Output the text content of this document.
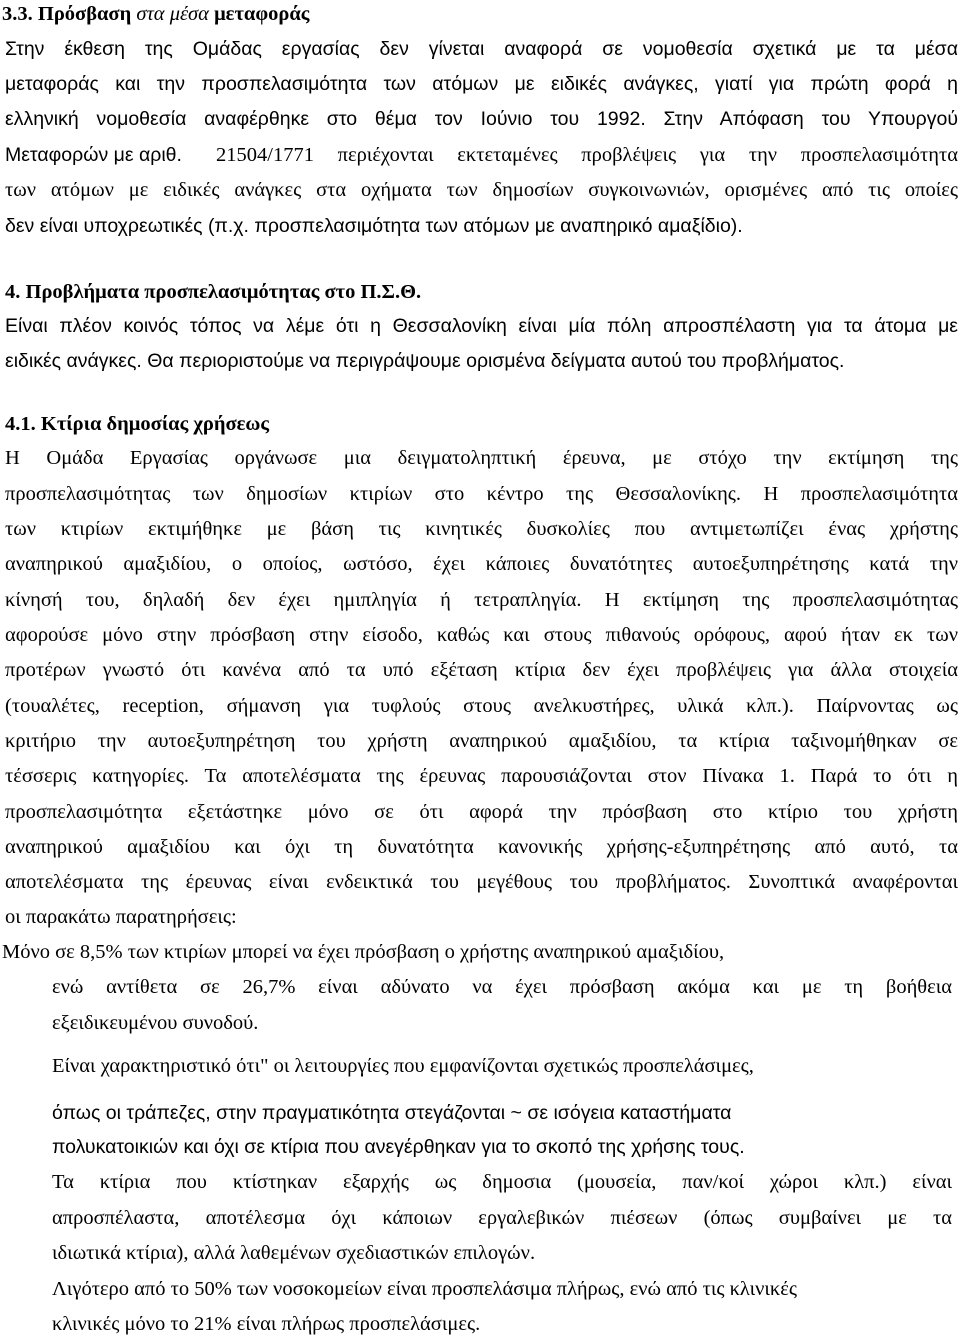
3.3. Πρόσβαση στα μέσα μεταφοράς

Στην έκθεση της Ομάδας εργασίας δεν γίνεται αναφορά σε νομοθεσία σχετικά με τα μέσα

μεταφοράς και την προσπελασιμότητα των ατόμων με ειδικές ανάγκες, γιατί για πρώτη φορά η

ελληνική νομοθεσία αναφέρθηκε στο θέμα τον Ιούνιο του 1992. Στην Απόφαση του Υπουργού

Μεταφορών με αριθ. 21504/1771 περιέχονται εκτεταμένες προβλέψεις για την προσπελασιμότητα

των ατόμων με ειδικές ανάγκες στα οχήματα των δημοσίων συγκοινωνιών, ορισμένες από τις οποίες

δεν είναι υποχρεωτικές (π.χ. προσπελασιμότητα των ατόμων με αναπηρικό αμαξίδιο).

4. Προβλήματα προσπελασιμότητας στο Π.Σ.Θ.

Είναι πλέον κοινός τόπος να λέμε ότι η Θεσσαλονίκη είναι μία πόλη απροσπέλαστη για τα άτομα με

ειδικές ανάγκες. Θα περιοριστούμε να περιγράψουμε ορισμένα δείγματα αυτού του προβλήματος.

4.1. Κτίρια δημοσίας χρήσεως

Η Ομάδα Εργασίας οργάνωσε μια δειγματοληπτική έρευνα, με στόχο την εκτίμηση της

προσπελασιμότητας των δημοσίων κτιρίων στο κέντρο της Θεσσαλονίκης. Η προσπελασιμότητα

των κτιρίων εκτιμήθηκε με βάση τις κινητικές δυσκολίες που αντιμετωπίζει ένας χρήστης

αναπηρικού αμαξιδίου, ο οποίος, ωστόσο, έχει κάποιες δυνατότητες αυτοεξυπηρέτησης κατά την

κίνησή του, δηλαδή δεν έχει ημιπληγία ή τετραπληγία. Η εκτίμηση της προσπελασιμότητας

αφορούσε μόνο στην πρόσβαση στην είσοδο, καθώς και στους πιθανούς ορόφους, αφού ήταν εκ των

προτέρων γνωστό ότι κανένα από τα υπό εξέταση κτίρια δεν έχει προβλέψεις για άλλα στοιχεία

(τουαλέτες, reception, σήμανση για τυφλούς στους ανελκυστήρες, υλικά κλπ.). Παίρνοντας ως

κριτήριο την αυτοεξυπηρέτηση του χρήστη αναπηρικού αμαξιδίου, τα κτίρια ταξινομήθηκαν σε

τέσσερις κατηγορίες. Τα αποτελέσματα της έρευνας παρουσιάζονται στον Πίνακα 1. Παρά το ότι η

προσπελασιμότητα εξετάστηκε μόνο σε ότι αφορά την πρόσβαση στο κτίριο του χρήστη

αναπηρικού αμαξιδίου και όχι τη δυνατότητα κανονικής χρήσης-εξυπηρέτησης από αυτό, τα

αποτελέσματα της έρευνας είναι ενδεικτικά του μεγέθους του προβλήματος. Συνοπτικά αναφέρονται

οι παρακάτω παρατηρήσεις:

Μόνο σε 8,5% των κτιρίων μπορεί να έχει πρόσβαση ο χρήστης αναπηρικού αμαξιδίου,

ενώ αντίθετα σε 26,7% είναι αδύνατο να έχει πρόσβαση ακόμα και με τη βοήθεια

εξειδικευμένου συνοδού.

Είναι χαρακτηριστικό ότι" οι λειτουργίες που εμφανίζονται σχετικώς προσπελάσιμες,

όπως οι τράπεζες, στην πραγματικότητα στεγάζονται ~ σε ισόγεια καταστήματα

πολυκατοικιών και όχι σε κτίρια που ανεγέρθηκαν για το σκοπό της χρήσης τους.

Τα κτίρια που κτίστηκαν εξαρχής ως δημοσια (μουσεία, παν/κοί χώροι κλπ.) είναι

απροσπέλαστα, αποτέλεσμα όχι κάποιων εργαλεβικών πιέσεων (όπως συμβαίνει με τα

ιδιωτικά κτίρια), αλλά λαθεμένων σχεδιαστικών επιλογών.

Λιγότερο από το 50% των νοσοκομείων είναι προσπελάσιμα πλήρως, ενώ από τις κλινικές

κλινικές μόνο το 21% είναι πλήρως προσπελάσιμες.
